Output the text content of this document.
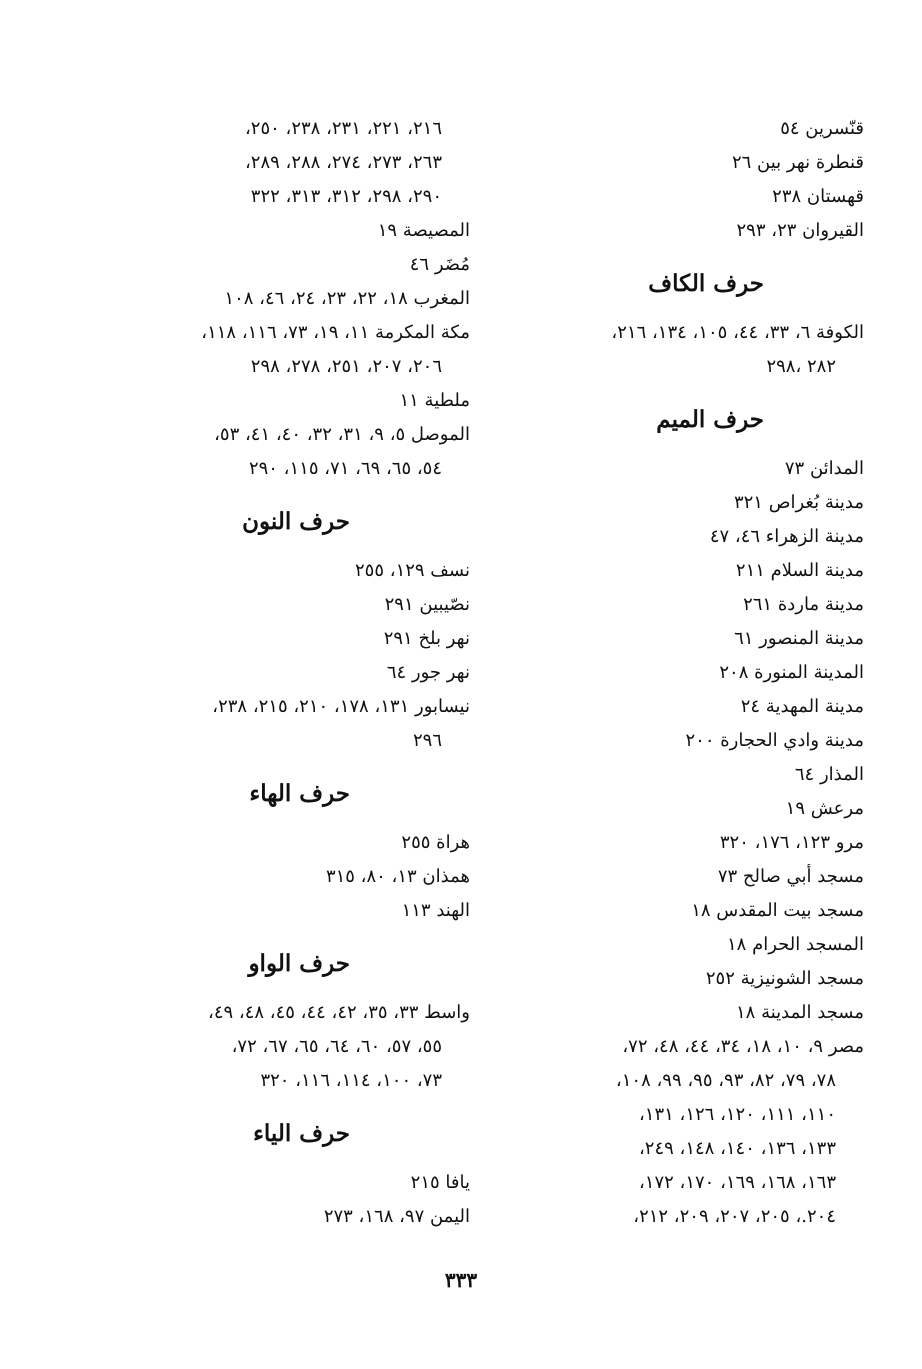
قنّسرين ٥٤
قنطرة نهر بين ٢٦
قهستان ٢٣٨
القيروان ٢٣، ٢٩٣
حرف الكاف
الكوفة ٦، ٣٣، ٤٤، ١٠٥، ١٣٤، ٢١٦،
٢٨٢ ،٢٩٨
حرف الميم
المدائن ٧٣
مدينة بُغراص ٣٢١
مدينة الزهراء ٤٦، ٤٧
مدينة السلام ٢١١
مدينة ماردة ٢٦١
مدينة المنصور ٦١
المدينة المنورة ٢٠٨
مدينة المهدية ٢٤
مدينة وادي الحجارة ٢٠٠
المذار ٦٤
مرعش ١٩
مرو ١٢٣، ١٧٦، ٣٢٠
مسجد أبي صالح ٧٣
مسجد بيت المقدس ١٨
المسجد الحرام ١٨
مسجد الشونيزية ٢٥٢
مسجد المدينة ١٨
مصر ٩، ١٠، ١٨، ٣٤، ٤٤، ٤٨، ٧٢،
٧٨، ٧٩، ٨٢، ٩٣، ٩٥، ٩٩، ١٠٨،
١١٠، ١١١، ١٢٠، ١٢٦، ١٣١،
١٣٣، ١٣٦، ١٤٠، ١٤٨، ٢٤٩،
١٦٣، ١٦٨، ١٦٩، ١٧٠، ١٧٢،
٢٠٤.، ٢٠٥، ٢٠٧، ٢٠٩، ٢١٢،
٢١٦، ٢٢١، ٢٣١، ٢٣٨، ٢٥٠،
٢٦٣، ٢٧٣، ٢٧٤، ٢٨٨، ٢٨٩،
٢٩٠، ٢٩٨، ٣١٢، ٣١٣، ٣٢٢
المصيصة ١٩
مُضَر ٤٦
المغرب ١٨، ٢٢، ٢٣، ٢٤، ٤٦، ١٠٨
مكة المكرمة ١١، ١٩، ٧٣، ١١٦، ١١٨،
٢٠٦، ٢٠٧، ٢٥١، ٢٧٨، ٢٩٨
ملطية ١١
الموصل ٥، ٩، ٣١، ٣٢، ٤٠، ٤١، ٥٣،
٥٤، ٦٥، ٦٩، ٧١، ١١٥، ٢٩٠
حرف النون
نسف ١٢٩، ٢٥٥
نصّيبين ٢٩١
نهر بلخ ٢٩١
نهر جور ٦٤
نيسابور ١٣١، ١٧٨، ٢١٠، ٢١٥، ٢٣٨،
٢٩٦
حرف الهاء
هراة ٢٥٥
همذان ١٣، ٨٠، ٣١٥
الهند ١١٣
حرف الواو
واسط ٣٣، ٣٥، ٤٢، ٤٤، ٤٥، ٤٨، ٤٩،
٥٥، ٥٧، ٦٠، ٦٤، ٦٥، ٦٧، ٧٢،
٧٣، ١٠٠، ١١٤، ١١٦، ٣٢٠
حرف الياء
يافا ٢١٥
اليمن ٩٧، ١٦٨، ٢٧٣
٣٣٣
